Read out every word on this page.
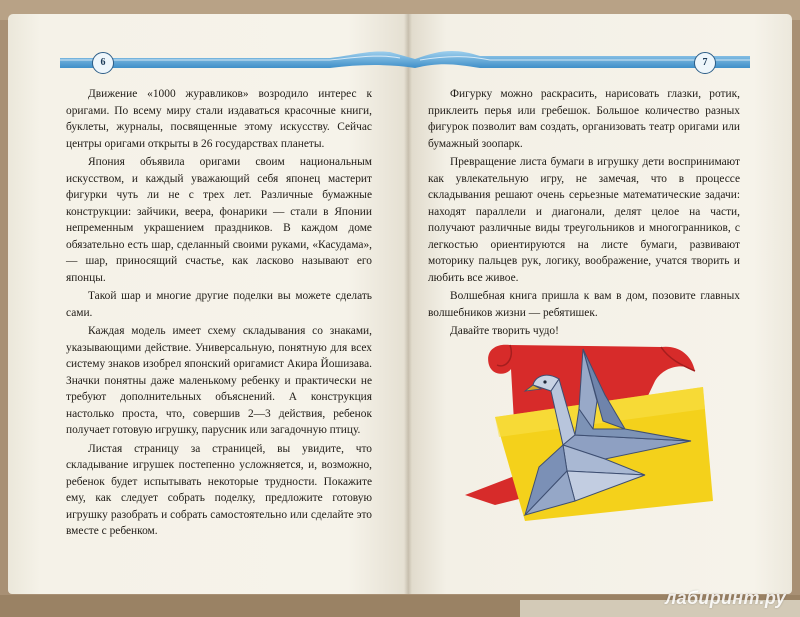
6	7

Движение «1000 журавликов» возродило интерес к оригами. По всему миру стали издаваться красочные книги, буклеты, журналы, посвященные этому искусству. Сейчас центры оригами открыты в 26 государствах планеты.

Япония объявила оригами своим национальным искусством, и каждый уважающий себя японец мастерит фигурки чуть ли не с трех лет. Различные бумажные конструкции: зайчики, веера, фонарики — стали в Японии непременным украшением праздников. В каждом доме обязательно есть шар, сделанный своими руками, «Касудама», — шар, приносящий счастье, как ласково называют его японцы.

Такой шар и многие другие поделки вы можете сделать сами.

Каждая модель имеет схему складывания со знаками, указывающими действие. Универсальную, понятную для всех систему знаков изобрел японский оригамист Акира Йошизава. Значки понятны даже маленькому ребенку и практически не требуют дополнительных объяснений. А конструкция настолько проста, что, совершив 2—3 действия, ребенок получает готовую игрушку, парусник или загадочную птицу.

Листая страницу за страницей, вы увидите, что складывание игрушек постепенно усложняется, и, возможно, ребенок будет испытывать некоторые трудности. Покажите ему, как следует собрать поделку, предложите готовую игрушку разобрать и собрать самостоятельно или сделайте это вместе с ребенком.

Фигурку можно раскрасить, нарисовать глазки, ротик, приклеить перья или гребешок. Большое количество разных фигурок позволит вам создать, организовать театр оригами или бумажный зоопарк.

Превращение листа бумаги в игрушку дети воспринимают как увлекательную игру, не замечая, что в процессе складывания решают очень серьезные математические задачи: находят параллели и диагонали, делят целое на части, получают различные виды треугольников и многогранников, с легкостью ориентируются на листе бумаги, развивают моторику пальцев рук, логику, воображение, учатся творить и любить все живое.

Волшебная книга пришла к вам в дом, позовите главных волшебников жизни — ребятишек.

Давайте творить чудо!

лабиринт.ру
